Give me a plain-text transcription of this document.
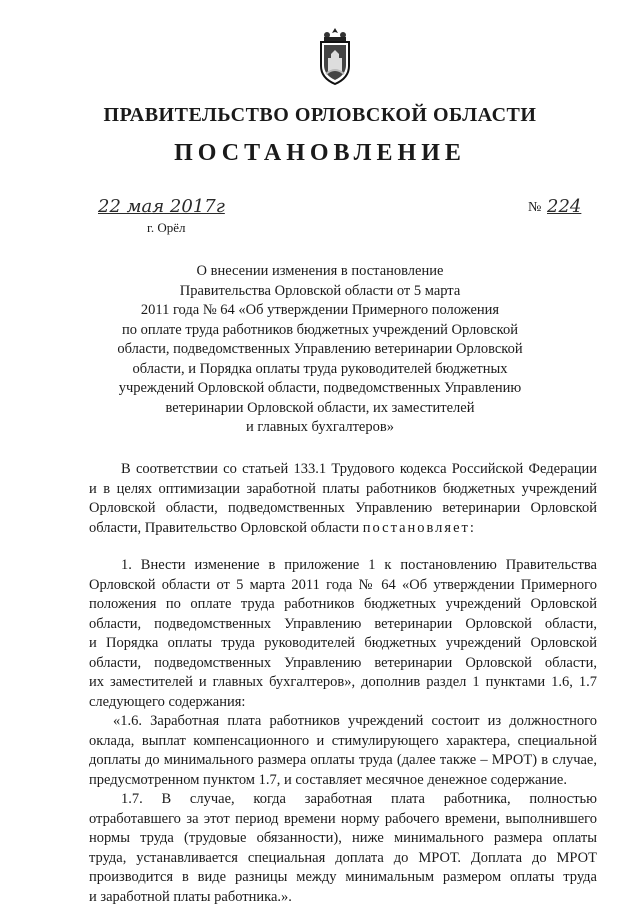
ПРАВИТЕЛЬСТВО ОРЛОВСКОЙ ОБЛАСТИ
ПОСТАНОВЛЕНИЕ
22 мая 2017г
г. Орёл
№ 224
О внесении изменения в постановление
Правительства Орловской области от 5 марта
2011 года № 64 «Об утверждении Примерного положения
по оплате труда работников бюджетных учреждений Орловской
области, подведомственных Управлению ветеринарии Орловской
области, и Порядка оплаты труда руководителей бюджетных
учреждений Орловской области, подведомственных Управлению
ветеринарии Орловской области, их заместителей
и главных бухгалтеров»
В соответствии со статьей 133.1 Трудового кодекса Российской Федерации
и в целях оптимизации заработной платы работников бюджетных учреждений
Орловской области, подведомственных Управлению ветеринарии Орловской
области, Правительство Орловской области постановляет:
1. Внести изменение в приложение 1 к постановлению Правительства
Орловской области от 5 марта 2011 года № 64 «Об утверждении Примерного
положения по оплате труда работников бюджетных учреждений Орловской
области, подведомственных Управлению ветеринарии Орловской области,
и Порядка оплаты труда руководителей бюджетных учреждений Орловской
области, подведомственных Управлению ветеринарии Орловской области,
их заместителей и главных бухгалтеров», дополнив раздел 1 пунктами 1.6, 1.7
следующего содержания:
«1.6. Заработная плата работников учреждений состоит из должностного
оклада, выплат компенсационного и стимулирующего характера, специальной
доплаты до минимального размера оплаты труда (далее также – МРОТ) в случае,
предусмотренном пунктом 1.7, и составляет месячное денежное содержание.
1.7. В случае, когда заработная плата работника, полностью
отработавшего за этот период времени норму рабочего времени, выполнившего
нормы труда (трудовые обязанности), ниже минимального размера оплаты
труда, устанавливается специальная доплата до МРОТ. Доплата до МРОТ
производится в виде разницы между минимальным размером оплаты труда
и заработной платы работника.».
